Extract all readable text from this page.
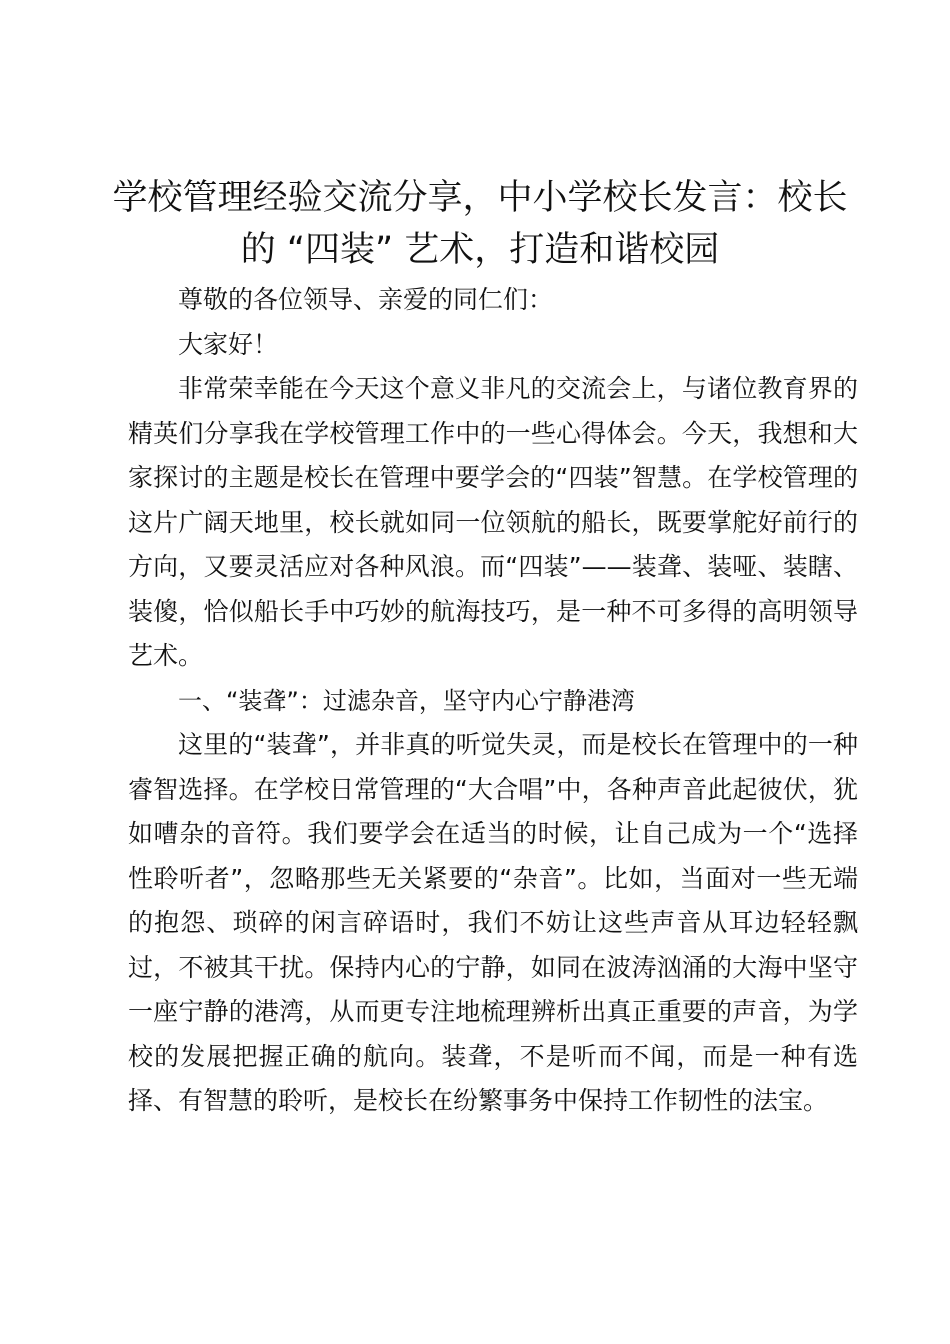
学校管理经验交流分享，中小学校长发言：校长的 “四装” 艺术，打造和谐校园

尊敬的各位领导、亲爱的同仁们：

大家好！

非常荣幸能在今天这个意义非凡的交流会上，与诸位教育界的精英们分享我在学校管理工作中的一些心得体会。今天，我想和大家探讨的主题是校长在管理中要学会的“四装”智慧。在学校管理的这片广阔天地里，校长就如同一位领航的船长，既要掌舵好前行的方向，又要灵活应对各种风浪。而“四装”——装聋、装哑、装瞎、装傻，恰似船长手中巧妙的航海技巧，是一种不可多得的高明领导艺术。

一、“装聋”：过滤杂音，坚守内心宁静港湾

这里的“装聋”，并非真的听觉失灵，而是校长在管理中的一种睿智选择。在学校日常管理的“大合唱”中，各种声音此起彼伏，犹如嘈杂的音符。我们要学会在适当的时候，让自己成为一个“选择性聆听者”，忽略那些无关紧要的“杂音”。比如，当面对一些无端的抱怨、琐碎的闲言碎语时，我们不妨让这些声音从耳边轻轻飘过，不被其干扰。保持内心的宁静，如同在波涛汹涌的大海中坚守一座宁静的港湾，从而更专注地梳理辨析出真正重要的声音，为学校的发展把握正确的航向。装聋，不是听而不闻，而是一种有选择、有智慧的聆听，是校长在纷繁事务中保持工作韧性的法宝。
